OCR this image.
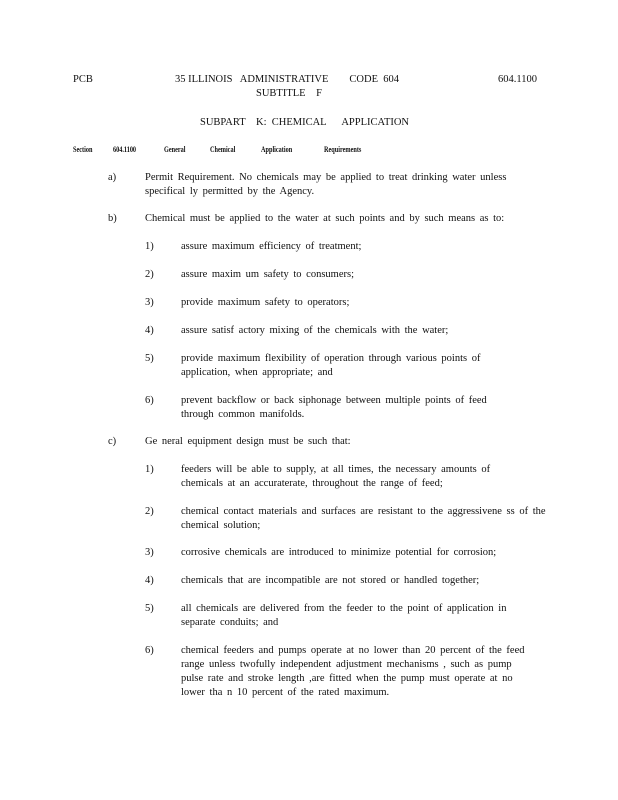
PCB	35 ILLINOIS   ADMINISTRATIVE        CODE  604
SUBTITLE    F
604.1100
SUBPART    K:  CHEMICAL      APPLICATION
Section	604.1100	General	Chemical	Application	Requirements
a)	Permit Requirement. No chemicals may be applied to treat drinking water unless specifical ly permitted by the Agency.
b)	Chemical must be applied to the water at such points and by such means as to:
1)	assure maximum efficiency of treatment;
2)	assure maxim um safety to consumers;
3)	provide maximum safety to operators;
4)	assure satisf actory mixing of the chemicals with the water;
5)	provide maximum flexibility of operation through various points of application, when appropriate; and
6)	prevent backflow or back siphonage between multiple points of feed through common manifolds.
c)	Ge neral equipment design must be such that:
1)	feeders will be able to supply, at all times, the necessary amounts of chemicals at an accuraterate, throughout the range of feed;
2)	chemical contact materials and surfaces are resistant to the aggressivene ss of the chemical solution;
3)	corrosive chemicals are introduced to minimize potential for corrosion;
4)	chemicals that are incompatible are not stored or handled together;
5)	all chemicals are delivered from the feeder to the point of application in separate conduits; and
6)	chemical feeders and pumps operate at no lower than 20 percent of the feed range unless twofully independent adjustment mechanisms , such as pump pulse rate and stroke length ,are fitted when the pump must operate at no lower tha n 10 percent of the rated maximum.
